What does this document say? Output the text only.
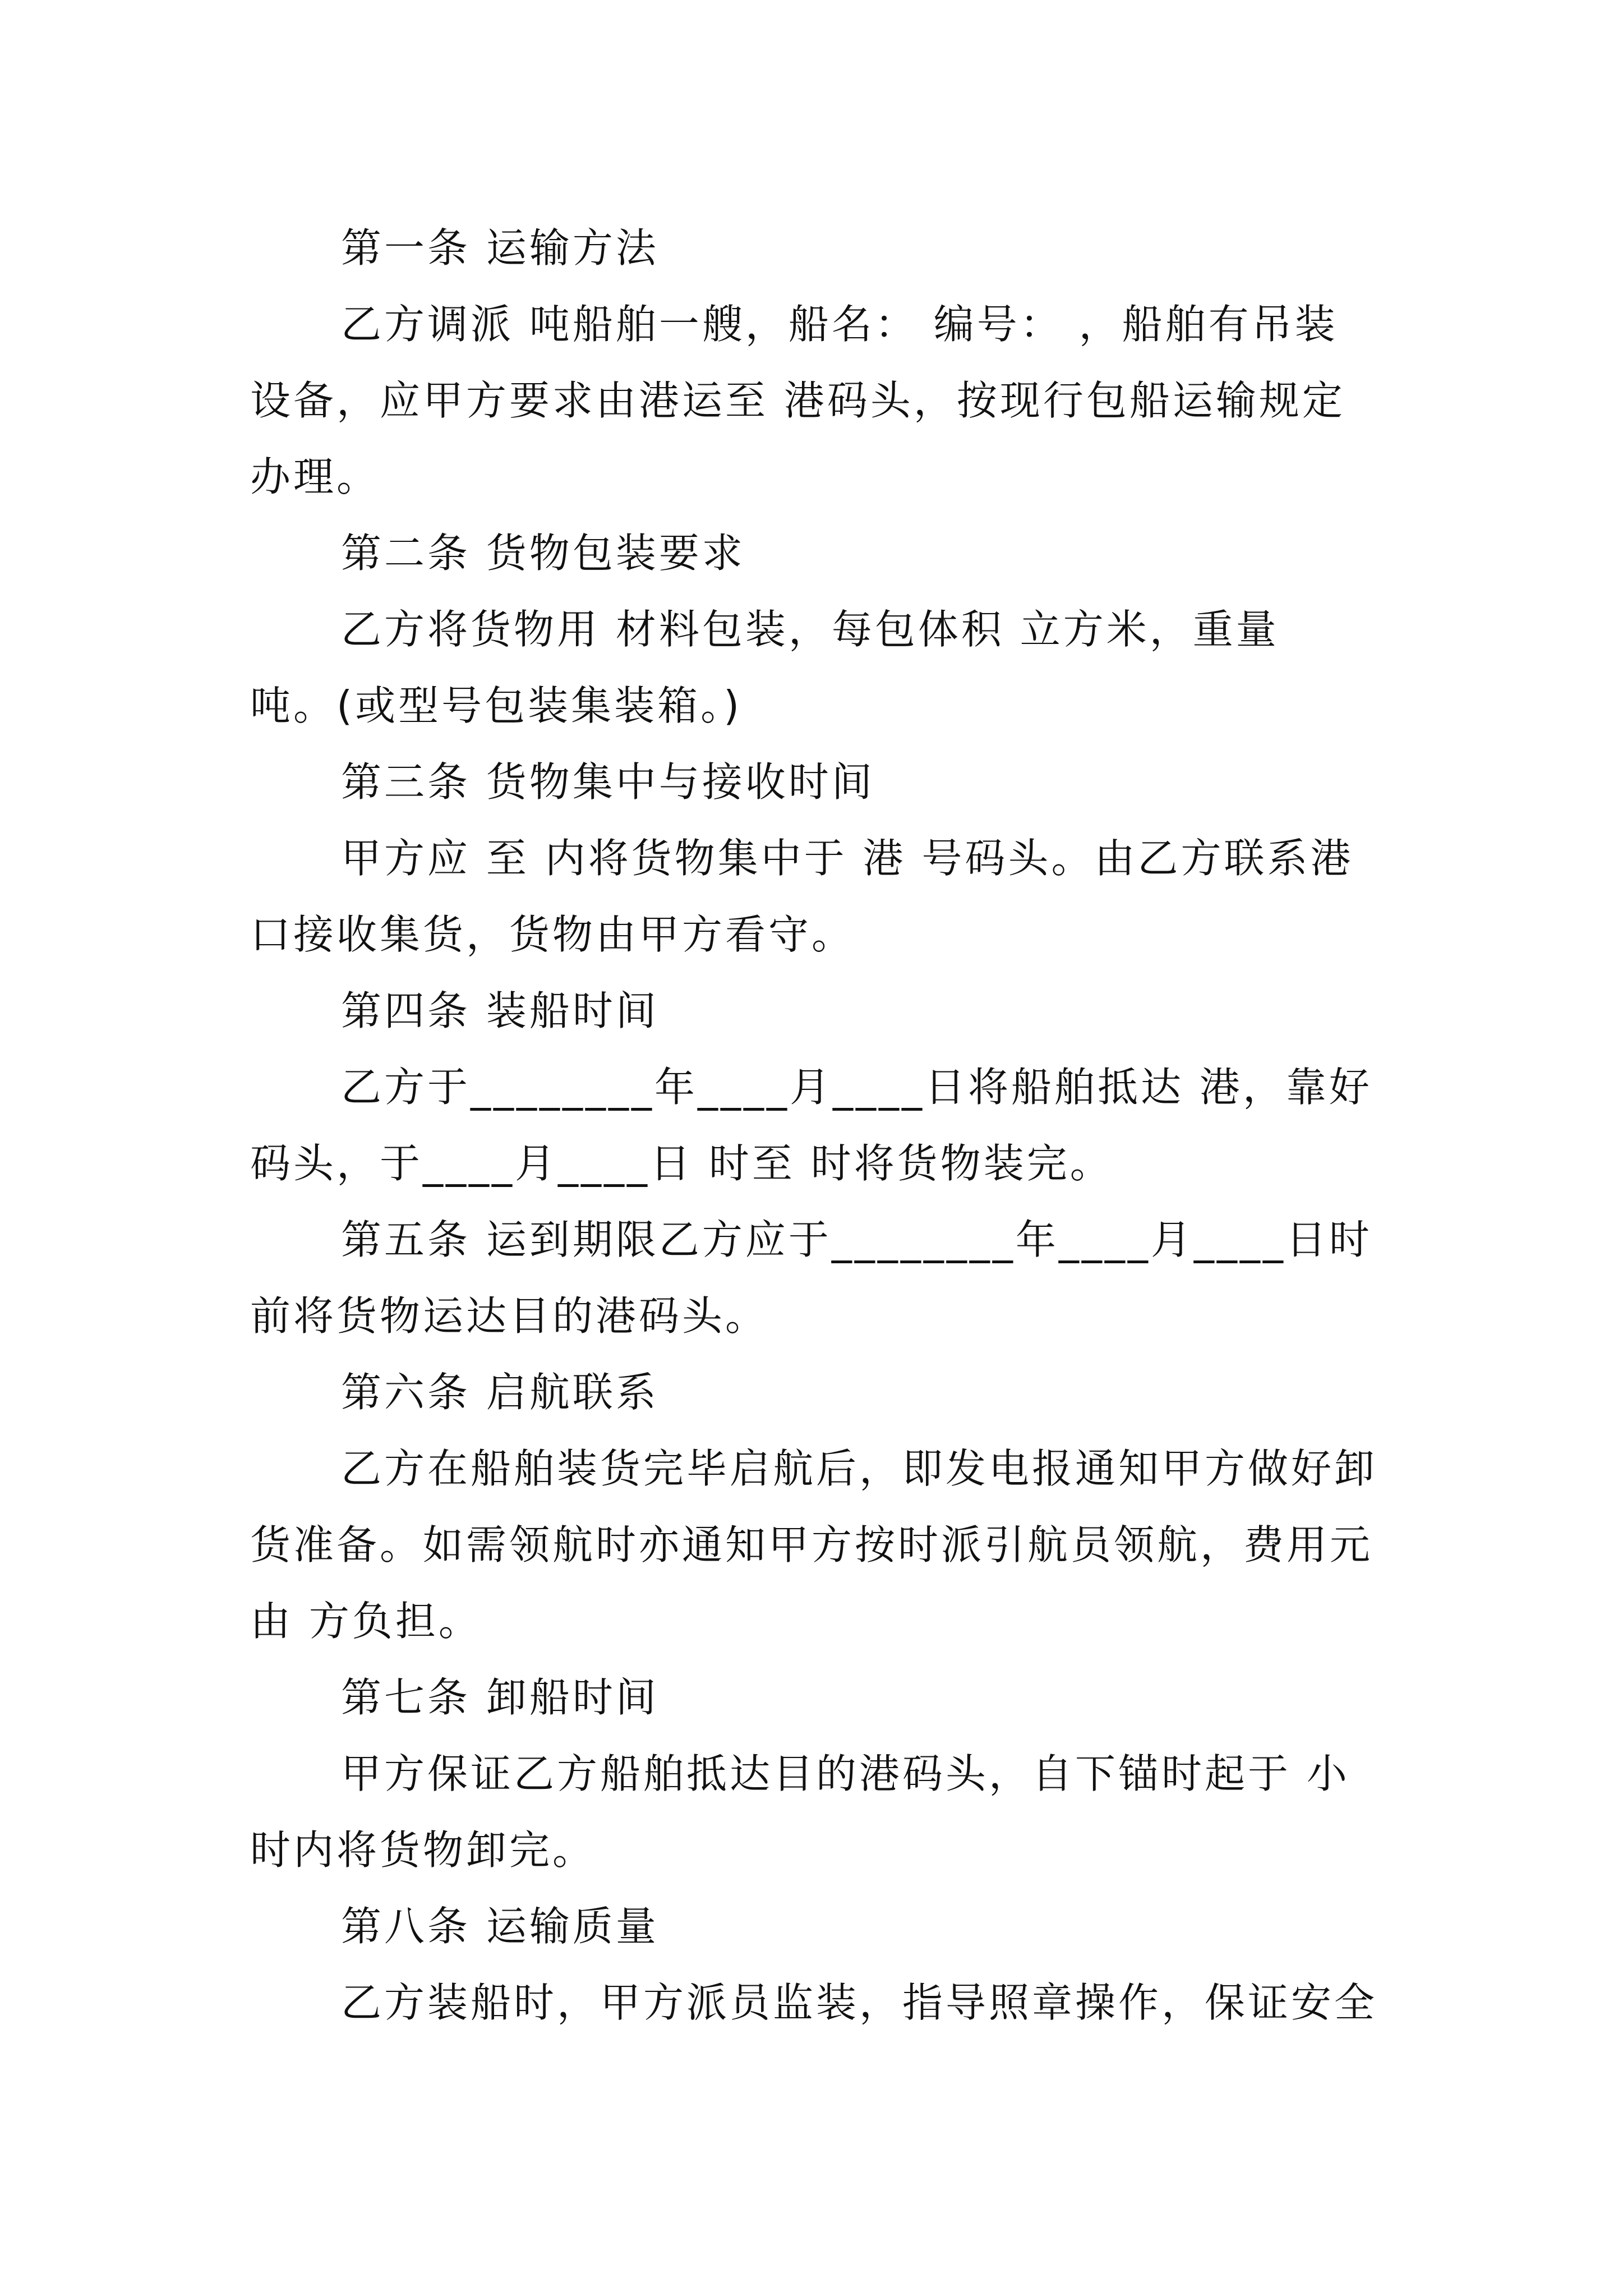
第一条 运输方法

乙方调派 吨船舶一艘，船名： 编号： ，船舶有吊装设备，应甲方要求由港运至 港码头，按现行包船运输规定办理。

第二条 货物包装要求

乙方将货物用 材料包装，每包体积 立方米，重量 吨。(或型号包装集装箱。)

第三条 货物集中与接收时间

甲方应 至 内将货物集中于 港 号码头。由乙方联系港口接收集货，货物由甲方看守。

第四条 装船时间

乙方于________年____月____日将船舶抵达 港，靠好码头，于____月____日 时至 时将货物装完。

第五条 运到期限乙方应于________年____月____日时前将货物运达目的港码头。

第六条 启航联系

乙方在船舶装货完毕启航后，即发电报通知甲方做好卸货准备。如需领航时亦通知甲方按时派引航员领航，费用元由 方负担。

第七条 卸船时间

甲方保证乙方船舶抵达目的港码头，自下锚时起于 小时内将货物卸完。

第八条 运输质量

乙方装船时，甲方派员监装，指导照章操作，保证安全
